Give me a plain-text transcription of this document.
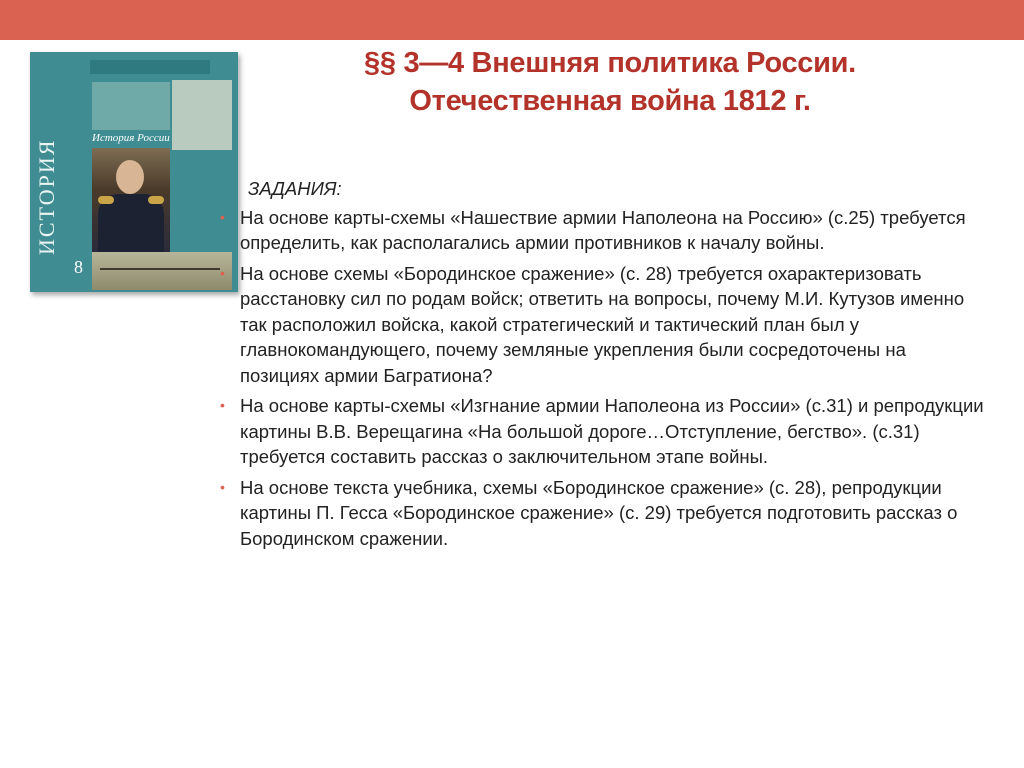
ИСТОРИЯ
История России
8
§§ 3—4 Внешняя политика России.
Отечественная война 1812 г.
ЗАДАНИЯ:
• На основе карты-схемы «Нашествие армии Наполеона на Россию» (с.25) требуется определить, как располагались армии противников к началу войны.
• На основе схемы «Бородинское сражение» (с. 28) требуется охарактеризовать расстановку сил по родам войск; ответить на вопросы, почему М.И. Кутузов именно так расположил войска, какой стратегический и тактический план был у главнокомандующего, почему земляные укрепления были сосредоточены на позициях армии Багратиона?
• На основе карты-схемы «Изгнание армии Наполеона из России» (с.31) и репродукции картины В.В. Верещагина «На большой дороге…Отступление, бегство». (с.31) требуется составить рассказ о заключительном этапе войны.
• На основе текста учебника, схемы «Бородинское сражение» (с. 28), репродукции картины П. Гесса «Бородинское сражение» (с. 29) требуется подготовить рассказ о Бородинском сражении.
